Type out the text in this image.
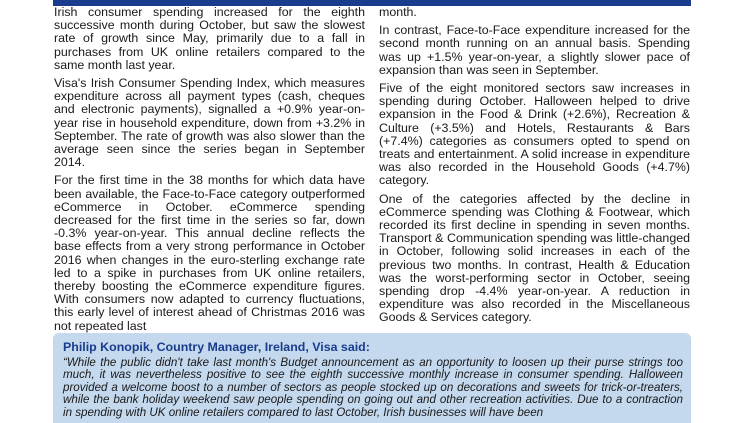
Irish consumer spending increased for the eighth successive month during October, but saw the slowest rate of growth since May, primarily due to a fall in purchases from UK online retailers compared to the same month last year.

Visa's Irish Consumer Spending Index, which measures expenditure across all payment types (cash, cheques and electronic payments), signalled a +0.9% year-on-year rise in household expenditure, down from +3.2% in September. The rate of growth was also slower than the average seen since the series began in September 2014.

For the first time in the 38 months for which data have been available, the Face-to-Face category outperformed eCommerce in October. eCommerce spending decreased for the first time in the series so far, down -0.3% year-on-year. This annual decline reflects the base effects from a very strong performance in October 2016 when changes in the euro-sterling exchange rate led to a spike in purchases from UK online retailers, thereby boosting the eCommerce expenditure figures. With consumers now adapted to currency fluctuations, this early level of interest ahead of Christmas 2016 was not repeated last

month.

In contrast, Face-to-Face expenditure increased for the second month running on an annual basis. Spending was up +1.5% year-on-year, a slightly slower pace of expansion than was seen in September.

Five of the eight monitored sectors saw increases in spending during October. Halloween helped to drive expansion in the Food & Drink (+2.6%), Recreation & Culture (+3.5%) and Hotels, Restaurants & Bars (+7.4%) categories as consumers opted to spend on treats and entertainment. A solid increase in expenditure was also recorded in the Household Goods (+4.7%) category.

One of the categories affected by the decline in eCommerce spending was Clothing & Footwear, which recorded its first decline in spending in seven months. Transport & Communication spending was little-changed in October, following solid increases in each of the previous two months. In contrast, Health & Education was the worst-performing sector in October, seeing spending drop -4.4% year-on-year. A reduction in expenditure was also recorded in the Miscellaneous Goods & Services category.

Philip Konopik, Country Manager, Ireland, Visa said:

“While the public didn't take last month's Budget announcement as an opportunity to loosen up their purse strings too much, it was nevertheless positive to see the eighth successive monthly increase in consumer spending. Halloween provided a welcome boost to a number of sectors as people stocked up on decorations and sweets for trick-or-treaters, while the bank holiday weekend saw people spending on going out and other recreation activities. Due to a contraction in spending with UK online retailers compared to last October, Irish businesses will have been
